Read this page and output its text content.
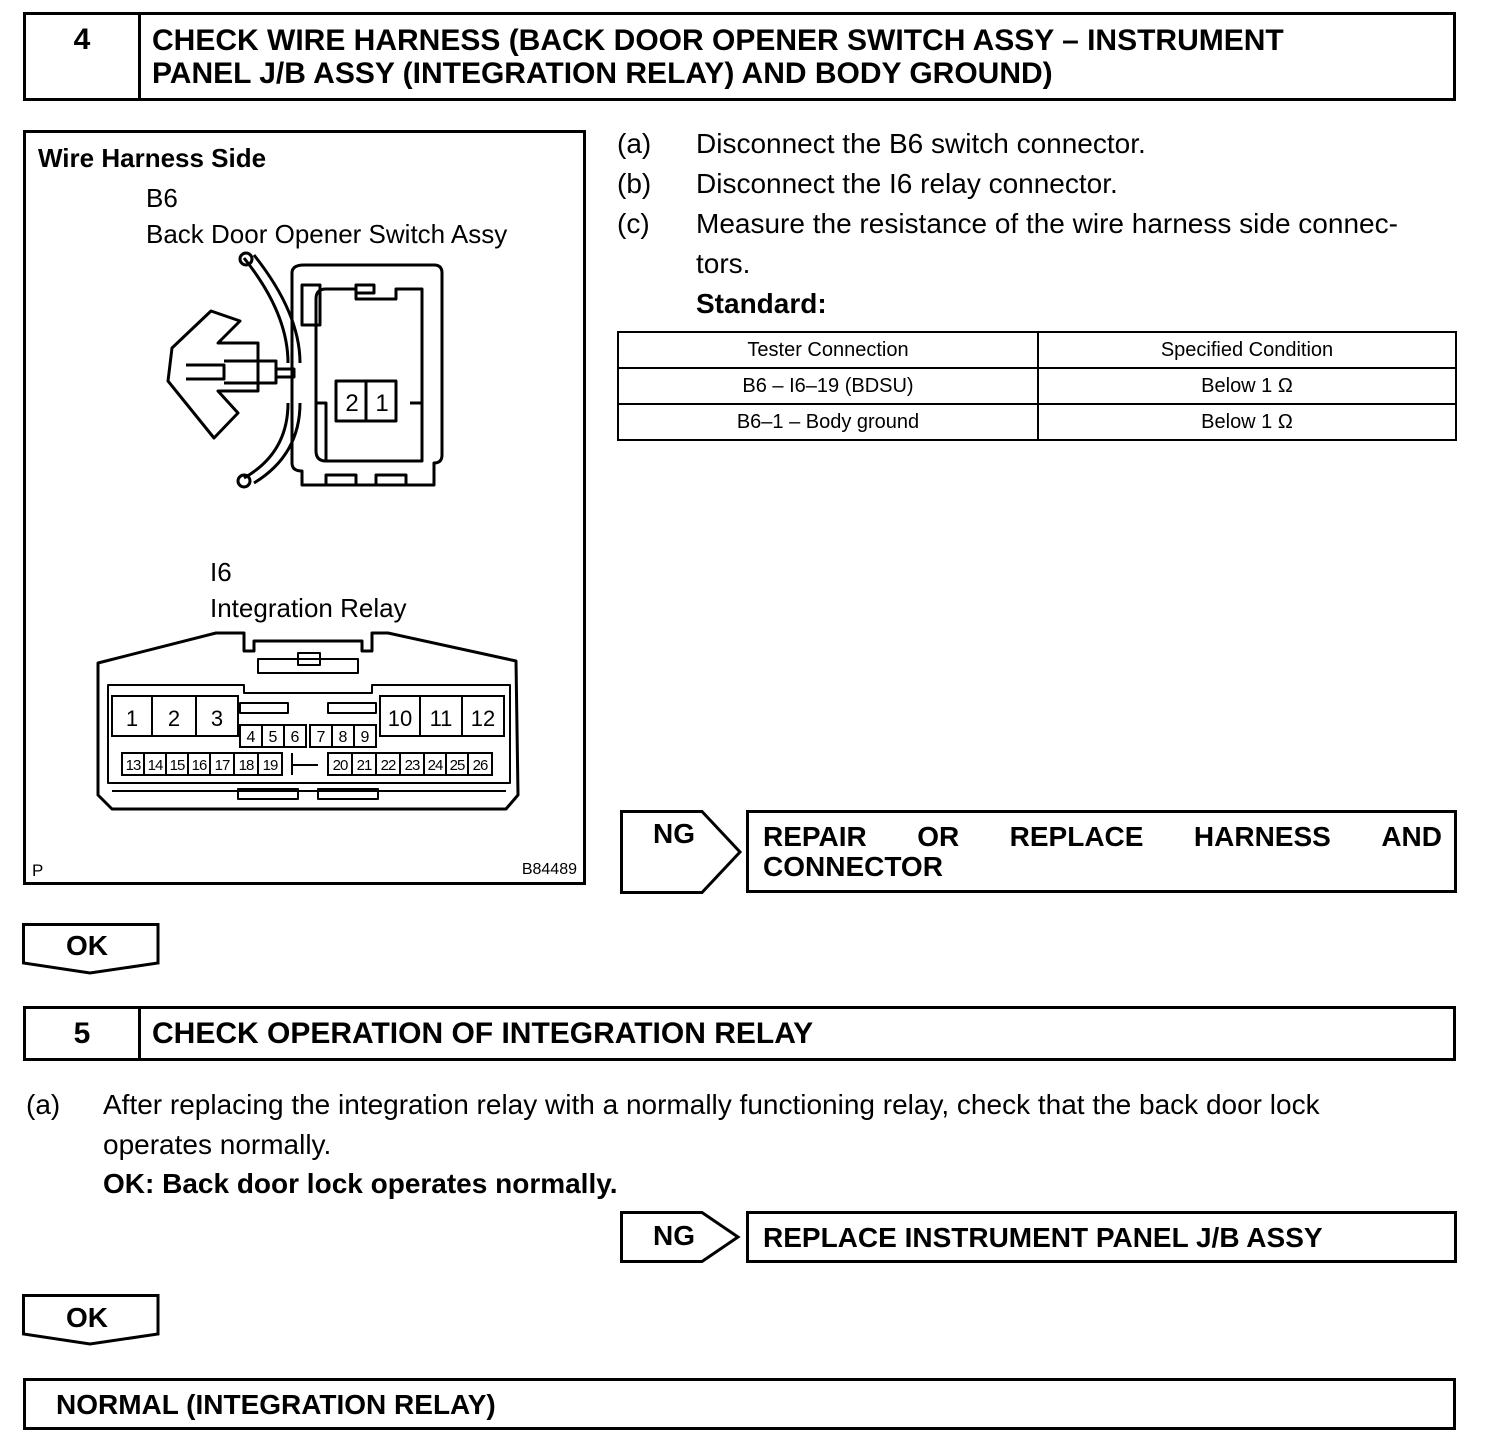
4	CHECK WIRE HARNESS (BACK DOOR OPENER SWITCH ASSY – INSTRUMENT
PANEL J/B ASSY (INTEGRATION RELAY) AND BODY GROUND)
Wire Harness Side
B6
Back Door Opener Switch Assy
I6
Integration Relay
P	B84489
2 1
1 2 3	10 11 12
4 5 6 7 8 9
13 14 15 16 17 18 19	20 21 22 23 24 25 26
(a) Disconnect the B6 switch connector.
(b) Disconnect the I6 relay connector.
(c) Measure the resistance of the wire harness side connec-
tors.
Standard:
Tester Connection	Specified Condition
B6 – I6–19 (BDSU)	Below 1 Ω
B6–1 – Body ground	Below 1 Ω
NG REPAIR OR REPLACE HARNESS AND
CONNECTOR
OK
5	CHECK OPERATION OF INTEGRATION RELAY
(a) After replacing the integration relay with a normally functioning relay, check that the back door lock
operates normally.
OK: Back door lock operates normally.
NG REPLACE INSTRUMENT PANEL J/B ASSY
OK
NORMAL (INTEGRATION RELAY)
